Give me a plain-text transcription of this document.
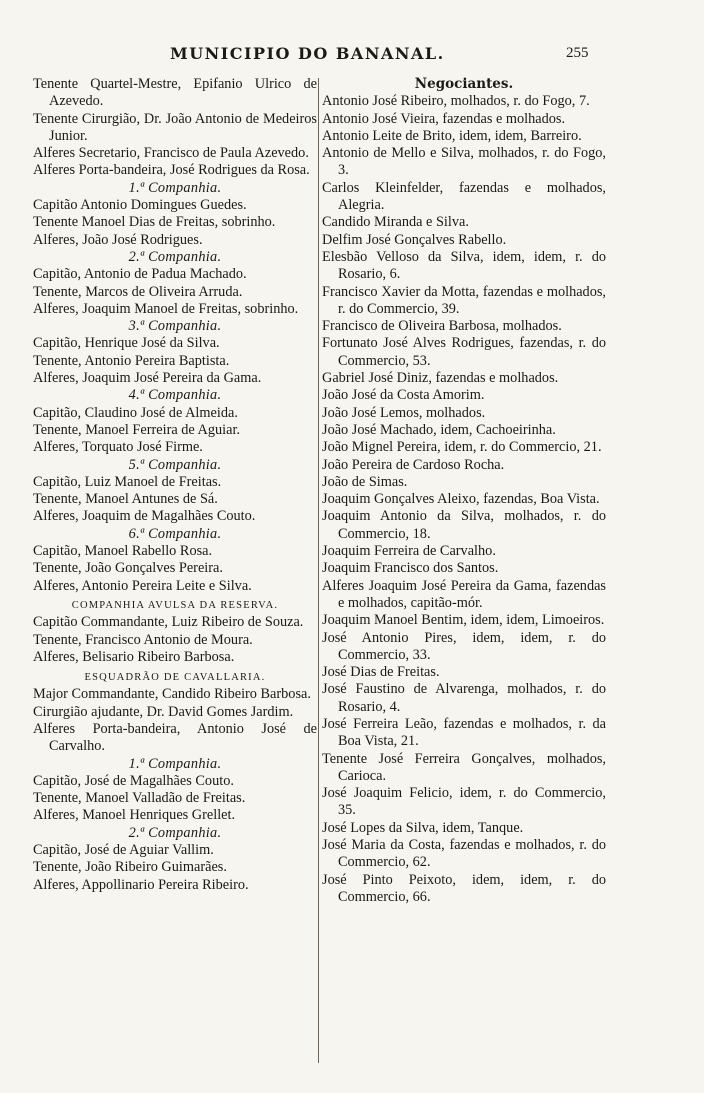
MUNICIPIO DO BANANAL.	255

Tenente Quartel-Mestre, Epifanio Ulrico de Azevedo.

Tenente Cirurgião, Dr. João Antonio de Medeiros Junior.

Alferes Secretario, Francisco de Paula Azevedo.

Alferes Porta-bandeira, José Rodrigues da Rosa.

1.ª Companhia.

Capitão Antonio Domingues Guedes.

Tenente Manoel Dias de Freitas, sobrinho.

Alferes, João José Rodrigues.

2.ª Companhia.

Capitão, Antonio de Padua Machado.

Tenente, Marcos de Oliveira Arruda.

Alferes, Joaquim Manoel de Freitas, sobrinho.

3.ª Companhia.

Capitão, Henrique José da Silva.

Tenente, Antonio Pereira Baptista.

Alferes, Joaquim José Pereira da Gama.

4.ª Companhia.

Capitão, Claudino José de Almeida.

Tenente, Manoel Ferreira de Aguiar.

Alferes, Torquato José Firme.

5.ª Companhia.

Capitão, Luiz Manoel de Freitas.

Tenente, Manoel Antunes de Sá.

Alferes, Joaquim de Magalhães Couto.

6.ª Companhia.

Capitão, Manoel Rabello Rosa.

Tenente, João Gonçalves Pereira.

Alferes, Antonio Pereira Leite e Silva.

COMPANHIA AVULSA DA RESERVA.

Capitão Commandante, Luiz Ribeiro de Souza.

Tenente, Francisco Antonio de Moura.

Alferes, Belisario Ribeiro Barbosa.

ESQUADRÃO DE CAVALLARIA.

Major Commandante, Candido Ribeiro Barbosa.

Cirurgião ajudante, Dr. David Gomes Jardim.

Alferes Porta-bandeira, Antonio José de Carvalho.

1.ª Companhia.

Capitão, José de Magalhães Couto.

Tenente, Manoel Valladão de Freitas.

Alferes, Manoel Henriques Grellet.

2.ª Companhia.

Capitão, José de Aguiar Vallim.

Tenente, João Ribeiro Guimarães.

Alferes, Appollinario Pereira Ribeiro.

Negociantes.

Antonio José Ribeiro, molhados, r. do Fogo, 7.

Antonio José Vieira, fazendas e molhados.

Antonio Leite de Brito, idem, idem, Barreiro.

Antonio de Mello e Silva, molhados, r. do Fogo, 3.

Carlos Kleinfelder, fazendas e molhados, Alegria.

Candido Miranda e Silva.

Delfim José Gonçalves Rabello.

Elesbão Velloso da Silva, idem, idem, r. do Rosario, 6.

Francisco Xavier da Motta, fazendas e molhados, r. do Commercio, 39.

Francisco de Oliveira Barbosa, molhados.

Fortunato José Alves Rodrigues, fazendas, r. do Commercio, 53.

Gabriel José Diniz, fazendas e molhados.

João José da Costa Amorim.

João José Lemos, molhados.

João José Machado, idem, Cachoeirinha.

João Mignel Pereira, idem, r. do Commercio, 21.

João Pereira de Cardoso Rocha.

João de Simas.

Joaquim Gonçalves Aleixo, fazendas, Boa Vista.

Joaquim Antonio da Silva, molhados, r. do Commercio, 18.

Joaquim Ferreira de Carvalho.

Joaquim Francisco dos Santos.

Alferes Joaquim José Pereira da Gama, fazendas e molhados, capitão-mór.

Joaquim Manoel Bentim, idem, idem, Limoeiros.

José Antonio Pires, idem, idem, r. do Commercio, 33.

José Dias de Freitas.

José Faustino de Alvarenga, molhados, r. do Rosario, 4.

José Ferreira Leão, fazendas e molhados, r. da Boa Vista, 21.

Tenente José Ferreira Gonçalves, molhados, Carioca.

José Joaquim Felicio, idem, r. do Commercio, 35.

José Lopes da Silva, idem, Tanque.

José Maria da Costa, fazendas e molhados, r. do Commercio, 62.

José Pinto Peixoto, idem, idem, r. do Commercio, 66.
